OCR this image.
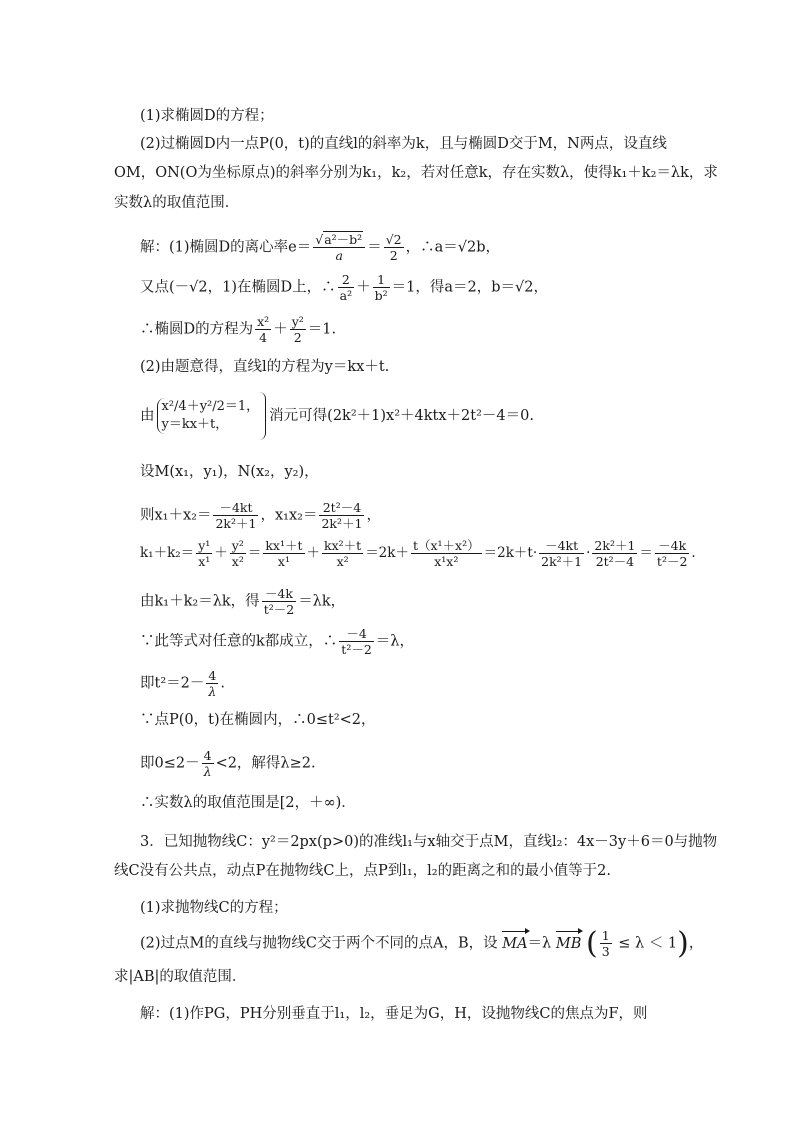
(1)求椭圆D的方程；
(2)过椭圆D内一点P(0，t)的直线l的斜率为k，且与椭圆D交于M，N两点，设直线
OM，ON(O为坐标原点)的斜率分别为k₁，k₂，若对任意k，存在实数λ，使得k₁＋k₂＝λk，求
实数λ的取值范围．
解：(1)椭圆D的离心率$e= \frac{\text{√a²－b²}}{a} = \frac{√2}{2}$ ，∴a＝√2b，
又点(－√2，1)在椭圆D上，∴ $\frac{2}{\text{a²}} + \frac{1}{\text{b²}} =1$，得a＝2，b＝√2，
∴椭圆D的方程为 $\frac{\text{x²}}{4} + \frac{\text{y²}}{2} =1$.
(2)由题意得，直线l的方程为y＝kx＋t.
由
x²/4＋y²/2＝1，
y＝kx＋t，
消元可得(2k²＋1)x²＋4ktx＋2t²－4＝0.
设M(x₁，y₁)，N(x₂，y₂)，
则$x_1+x_2= \frac{-4kt}{\text{2k²＋1}}$ ，$x_1x_2= \frac{\text{2t²－4}}{\text{2k²＋1}}$ ，
$k_1+k_2= \frac{\text{y¹}}{\text{x¹}} + \frac{\text{y²}}{\text{x²}} = \frac{\text{kx¹＋t}}{\text{x¹}} + \frac{\text{kx²＋t}}{\text{x²}} =2k+ \frac{\text{t（x¹＋x²）}}{\text{x¹x²}} =2k+t\cdot \frac{-4kt}{\text{2k²＋1}} \cdot \frac{\text{2k²＋1}}{\text{2t²－4}} = \frac{-4k}{\text{t²－2}}$ .
由k₁＋k₂＝λk，得 $\frac{-4k}{\text{t²－2}} =\lambda k$，
∵此等式对任意的k都成立，∴ $\frac{-4}{\text{t²－2}} =\lambda$，
即$t^2=2- \frac{4}{\lambda}$ .
∵点P(0，t)在椭圆内，∴0≤t²<2，
即$0\le 2- \frac{4}{\lambda} <2$，解得λ≥2.
∴实数λ的取值范围是[2，＋∞)．
3．已知抛物线C：y²＝2px(p>0)的准线l₁与x轴交于点M，直线l₂：4x－3y＋6＝0与抛物
线C没有公共点，动点P在抛物线C上，点P到l₁，l₂的距离之和的最小值等于2.
(1)求抛物线C的方程；
(2)过点M的直线与抛物线C交于两个不同的点A，B，设 MA＝λ MB ( $\frac{1}{3} \le \lambda < 1$)，
求|AB|的取值范围．
解：(1)作PG，PH分别垂直于l₁，l₂，垂足为G，H，设抛物线C的焦点为F，则
